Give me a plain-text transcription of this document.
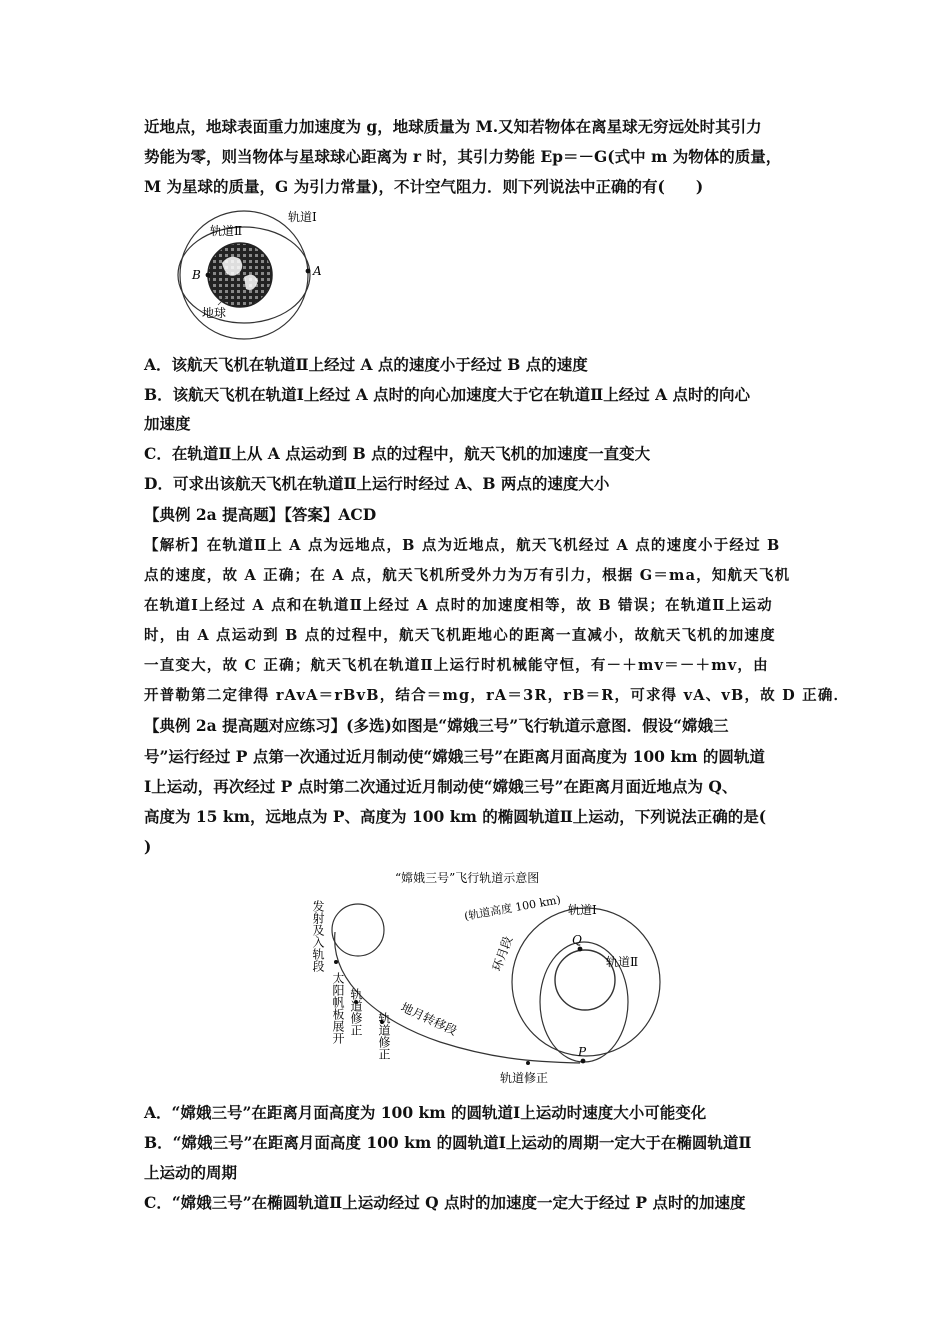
近地点，地球表面重力加速度为 g，地球质量为 M.又知若物体在离星球无穷远处时其引力
势能为零，则当物体与星球球心距离为 r 时，其引力势能 Ep＝－G(式中 m 为物体的质量，
M 为星球的质量，G 为引力常量)，不计空气阻力．则下列说法中正确的有(　　)
轨道Ⅱ
轨道Ⅰ
A
B
地球
A．该航天飞机在轨道Ⅱ上经过 A 点的速度小于经过 B 点的速度
B．该航天飞机在轨道Ⅰ上经过 A 点时的向心加速度大于它在轨道Ⅱ上经过 A 点时的向心
加速度
C．在轨道Ⅱ上从 A 点运动到 B 点的过程中，航天飞机的加速度一直变大
D．可求出该航天飞机在轨道Ⅱ上运行时经过 A、B 两点的速度大小
【典例 2a 提高题】【答案】ACD
【解析】在轨道Ⅱ上 A 点为远地点，B 点为近地点，航天飞机经过 A 点的速度小于经过 B
点的速度，故 A 正确；在 A 点，航天飞机所受外力为万有引力，根据 G＝ma，知航天飞机
在轨道Ⅰ上经过 A 点和在轨道Ⅱ上经过 A 点时的加速度相等，故 B 错误；在轨道Ⅱ上运动
时，由 A 点运动到 B 点的过程中，航天飞机距地心的距离一直减小，故航天飞机的加速度
一直变大，故 C 正确；航天飞机在轨道Ⅱ上运行时机械能守恒，有－＋mv＝－＋mv，由
开普勒第二定律得 rAvA＝rBvB，结合＝mg，rA＝3R，rB＝R，可求得 vA、vB，故 D 正确．
【典例 2a 提高题对应练习】(多选)如图是“嫦娥三号”飞行轨道示意图．假设“嫦娥三
号”运行经过 P 点第一次通过近月制动使“嫦娥三号”在距离月面高度为 100 km 的圆轨道
Ⅰ上运动，再次经过 P 点时第二次通过近月制动使“嫦娥三号”在距离月面近地点为 Q、
高度为 15 km，远地点为 P、高度为 100 km 的椭圆轨道Ⅱ上运动，下列说法正确的是(
)
“嫦娥三号”飞行轨道示意图
(轨道高度 100 km) 轨道Ⅰ
轨道Ⅱ
Q
P
地月转移段
轨道修正
环月段
发射及入轨段
太阳帆板展开 轨道修正 轨道修正
A．“嫦娥三号”在距离月面高度为 100 km 的圆轨道Ⅰ上运动时速度大小可能变化
B．“嫦娥三号”在距离月面高度 100 km 的圆轨道Ⅰ上运动的周期一定大于在椭圆轨道Ⅱ
上运动的周期
C．“嫦娥三号”在椭圆轨道Ⅱ上运动经过 Q 点时的加速度一定大于经过 P 点时的加速度
